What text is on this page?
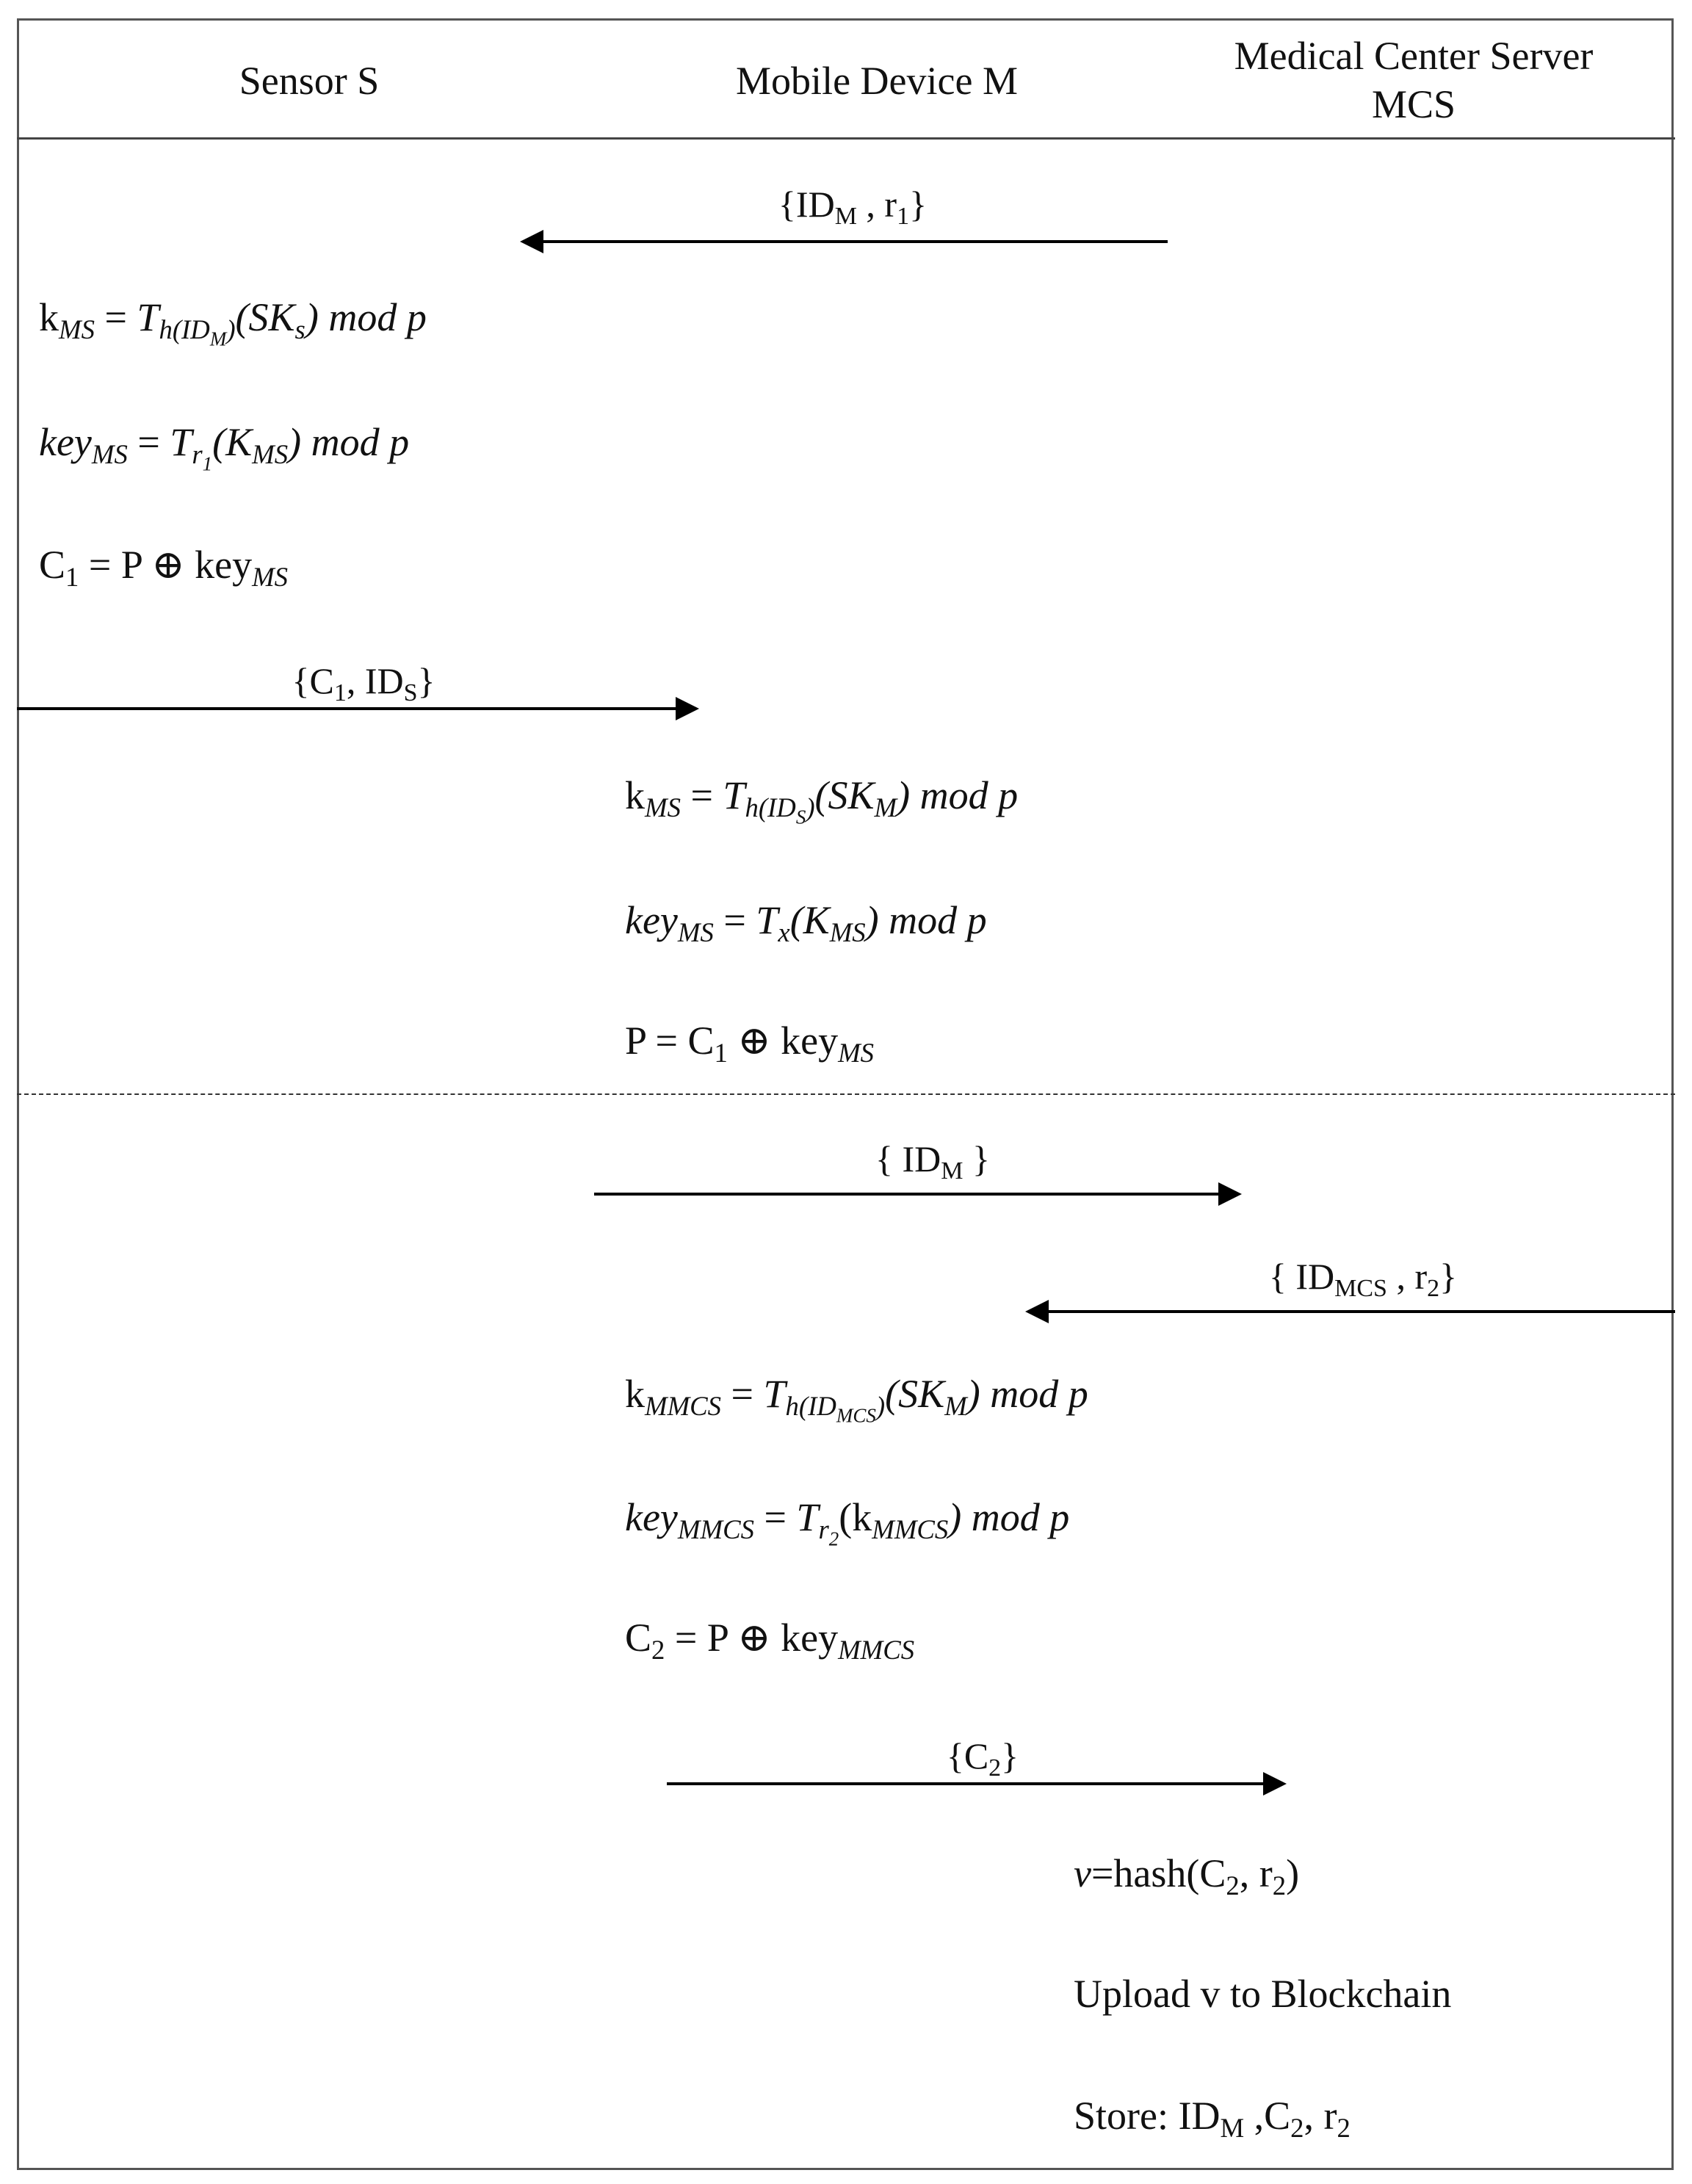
Sensor S	Mobile Device M
Medical Center Server
MCS
{$ID_M$ , $r_1$}
{$C_1$, $ID_S$}
{ $ID_M$ }
{ $ID_{MCS}$ , $r_2$}
$\{C_2\}$
$k_{MS} = T_{h(IDM)}(SK_s)$ mod p
$key_{MS} = T_{r1}(K_{MS})$ mod p
$C_1 = P$ ⊕ key$_{MS}$
$k_{MS} = T_{h(IDS)}(SK_M)$ mod p
$key_{MS} = T_x(K_{MS})$ mod p
$P = C_1$ ⊕ key$_{MS}$
$k_{MMCS} = T_{h(IDMCS)}(SK_M)$ mod p
$key_{MMCS} = T_{r2}(k_{MMCS})$ mod p
$C_2 = P$ ⊕ key$_{MMCS}$
$v=hash(C_2$, $r_2$)
Upload v to Blockchain
Store: $ID_M$ $,C_2$, $r_2$
